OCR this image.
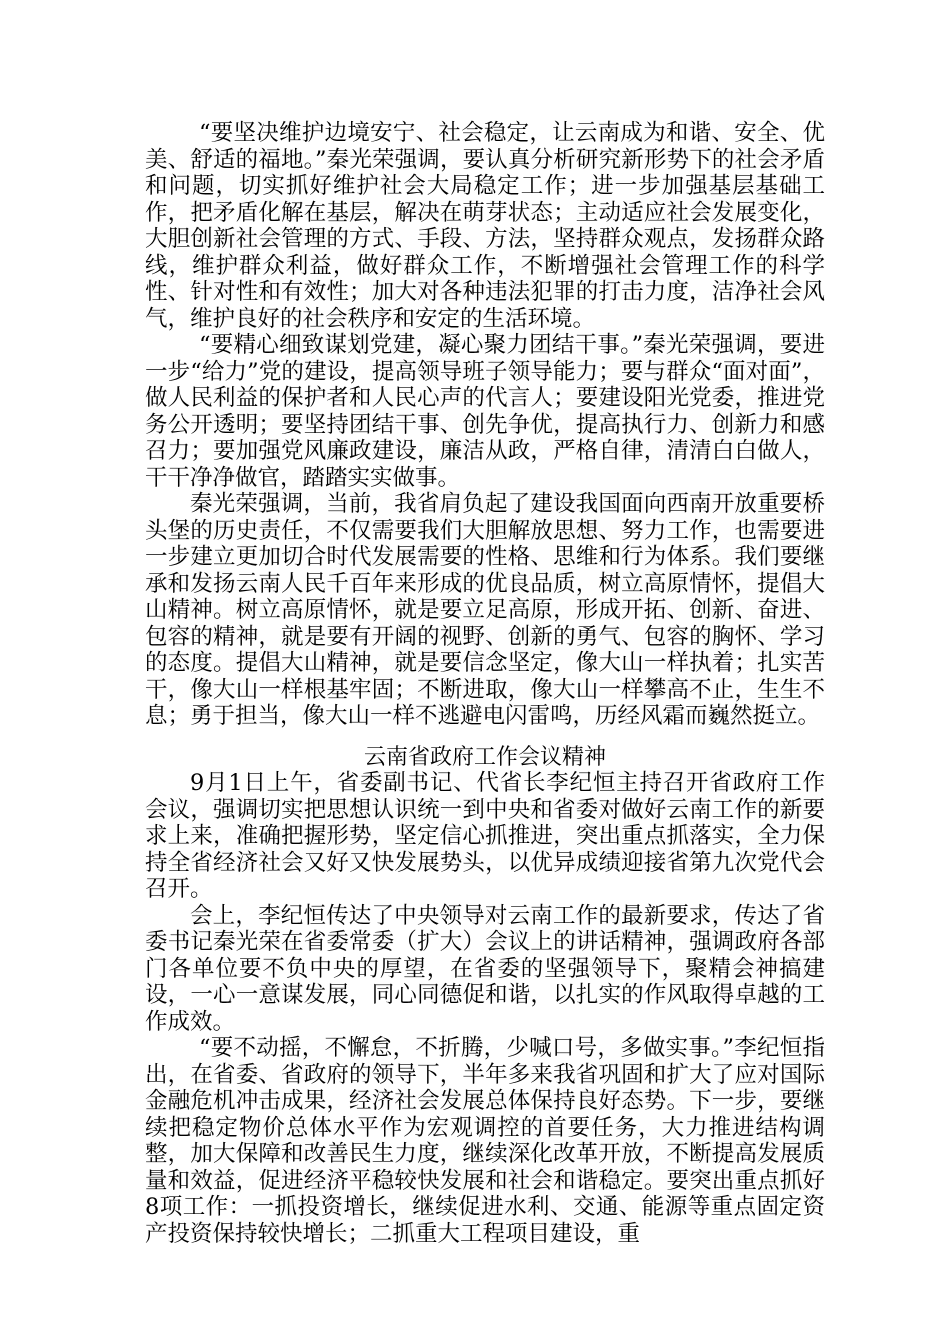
“要坚决维护边境安宁、社会稳定，让云南成为和谐、安全、优美、舒适的福地。”秦光荣强调，要认真分析研究新形势下的社会矛盾和问题，切实抓好维护社会大局稳定工作；进一步加强基层基础工作，把矛盾化解在基层，解决在萌芽状态；主动适应社会发展变化，大胆创新社会管理的方式、手段、方法，坚持群众观点，发扬群众路线，维护群众利益，做好群众工作，不断增强社会管理工作的科学性、针对性和有效性；加大对各种违法犯罪的打击力度，洁净社会风气，维护良好的社会秩序和安定的生活环境。

“要精心细致谋划党建，凝心聚力团结干事。”秦光荣强调，要进一步“给力”党的建设，提高领导班子领导能力；要与群众“面对面”，做人民利益的保护者和人民心声的代言人；要建设阳光党委，推进党务公开透明；要坚持团结干事、创先争优，提高执行力、创新力和感召力；要加强党风廉政建设，廉洁从政，严格自律，清清白白做人，干干净净做官，踏踏实实做事。

秦光荣强调，当前，我省肩负起了建设我国面向西南开放重要桥头堡的历史责任，不仅需要我们大胆解放思想、努力工作，也需要进一步建立更加切合时代发展需要的性格、思维和行为体系。我们要继承和发扬云南人民千百年来形成的优良品质，树立高原情怀，提倡大山精神。树立高原情怀，就是要立足高原，形成开拓、创新、奋进、包容的精神，就是要有开阔的视野、创新的勇气、包容的胸怀、学习的态度。提倡大山精神，就是要信念坚定，像大山一样执着；扎实苦干，像大山一样根基牢固；不断进取，像大山一样攀高不止，生生不息；勇于担当，像大山一样不逃避电闪雷鸣，历经风霜而巍然挺立。

云南省政府工作会议精神

9月1日上午，省委副书记、代省长李纪恒主持召开省政府工作会议，强调切实把思想认识统一到中央和省委对做好云南工作的新要求上来，准确把握形势，坚定信心抓推进，突出重点抓落实，全力保持全省经济社会又好又快发展势头，以优异成绩迎接省第九次党代会召开。

会上，李纪恒传达了中央领导对云南工作的最新要求，传达了省委书记秦光荣在省委常委（扩大）会议上的讲话精神，强调政府各部门各单位要不负中央的厚望，在省委的坚强领导下，聚精会神搞建设，一心一意谋发展，同心同德促和谐，以扎实的作风取得卓越的工作成效。

“要不动摇，不懈怠，不折腾，少喊口号，多做实事。”李纪恒指出，在省委、省政府的领导下，半年多来我省巩固和扩大了应对国际金融危机冲击成果，经济社会发展总体保持良好态势。下一步，要继续把稳定物价总体水平作为宏观调控的首要任务，大力推进结构调整，加大保障和改善民生力度，继续深化改革开放，不断提高发展质量和效益，促进经济平稳较快发展和社会和谐稳定。要突出重点抓好8项工作：一抓投资增长，继续促进水利、交通、能源等重点固定资产投资保持较快增长；二抓重大工程项目建设，重
